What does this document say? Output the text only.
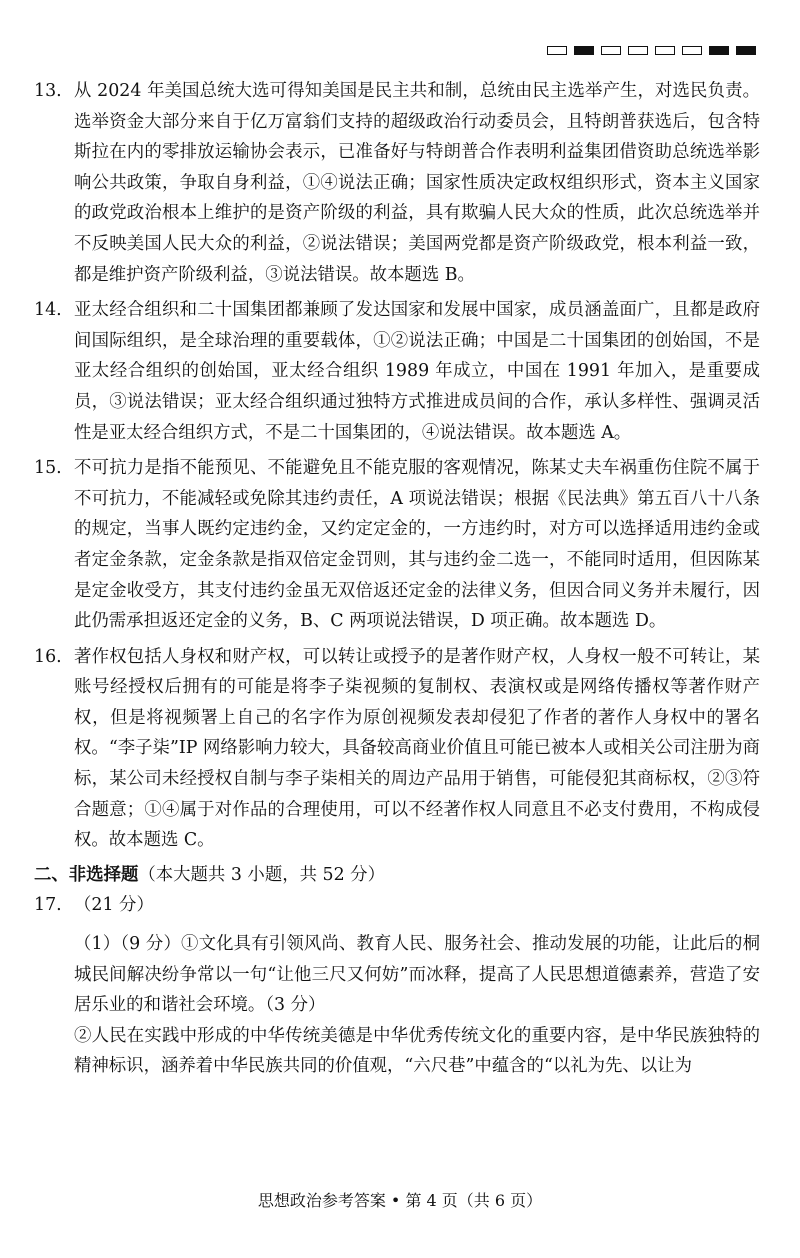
13. 从 2024 年美国总统大选可得知美国是民主共和制，总统由民主选举产生，对选民负责。选举资金大部分来自于亿万富翁们支持的超级政治行动委员会，且特朗普获选后，包含特斯拉在内的零排放运输协会表示，已准备好与特朗普合作表明利益集团借资助总统选举影响公共政策，争取自身利益，①④说法正确；国家性质决定政权组织形式，资本主义国家的政党政治根本上维护的是资产阶级的利益，具有欺骗人民大众的性质，此次总统选举并不反映美国人民大众的利益，②说法错误；美国两党都是资产阶级政党，根本利益一致，都是维护资产阶级利益，③说法错误。故本题选 B。
14. 亚太经合组织和二十国集团都兼顾了发达国家和发展中国家，成员涵盖面广，且都是政府间国际组织，是全球治理的重要载体，①②说法正确；中国是二十国集团的创始国，不是亚太经合组织的创始国，亚太经合组织 1989 年成立，中国在 1991 年加入，是重要成员，③说法错误；亚太经合组织通过独特方式推进成员间的合作，承认多样性、强调灵活性是亚太经合组织方式，不是二十国集团的，④说法错误。故本题选 A。
15. 不可抗力是指不能预见、不能避免且不能克服的客观情况，陈某丈夫车祸重伤住院不属于不可抗力，不能减轻或免除其违约责任，A 项说法错误；根据《民法典》第五百八十八条的规定，当事人既约定违约金，又约定定金的，一方违约时，对方可以选择适用违约金或者定金条款，定金条款是指双倍定金罚则，其与违约金二选一，不能同时适用，但因陈某是定金收受方，其支付违约金虽无双倍返还定金的法律义务，但因合同义务并未履行，因此仍需承担返还定金的义务，B、C 两项说法错误，D 项正确。故本题选 D。
16. 著作权包括人身权和财产权，可以转让或授予的是著作财产权，人身权一般不可转让，某账号经授权后拥有的可能是将李子柒视频的复制权、表演权或是网络传播权等著作财产权，但是将视频署上自己的名字作为原创视频发表却侵犯了作者的著作人身权中的署名权。“李子柒”IP 网络影响力较大，具备较高商业价值且可能已被本人或相关公司注册为商标，某公司未经授权自制与李子柒相关的周边产品用于销售，可能侵犯其商标权，②③符合题意；①④属于对作品的合理使用，可以不经著作权人同意且不必支付费用，不构成侵权。故本题选 C。
二、非选择题（本大题共 3 小题，共 52 分）
17. （21 分）
（1）（9 分）①文化具有引领风尚、教育人民、服务社会、推动发展的功能，让此后的桐城民间解决纷争常以一句“让他三尺又何妨”而冰释，提高了人民思想道德素养，营造了安居乐业的和谐社会环境。（3 分）
②人民在实践中形成的中华传统美德是中华优秀传统文化的重要内容，是中华民族独特的精神标识，涵养着中华民族共同的价值观，“六尺巷”中蕴含的“以礼为先、以让为
思想政治参考答案 • 第 4 页（共 6 页）
